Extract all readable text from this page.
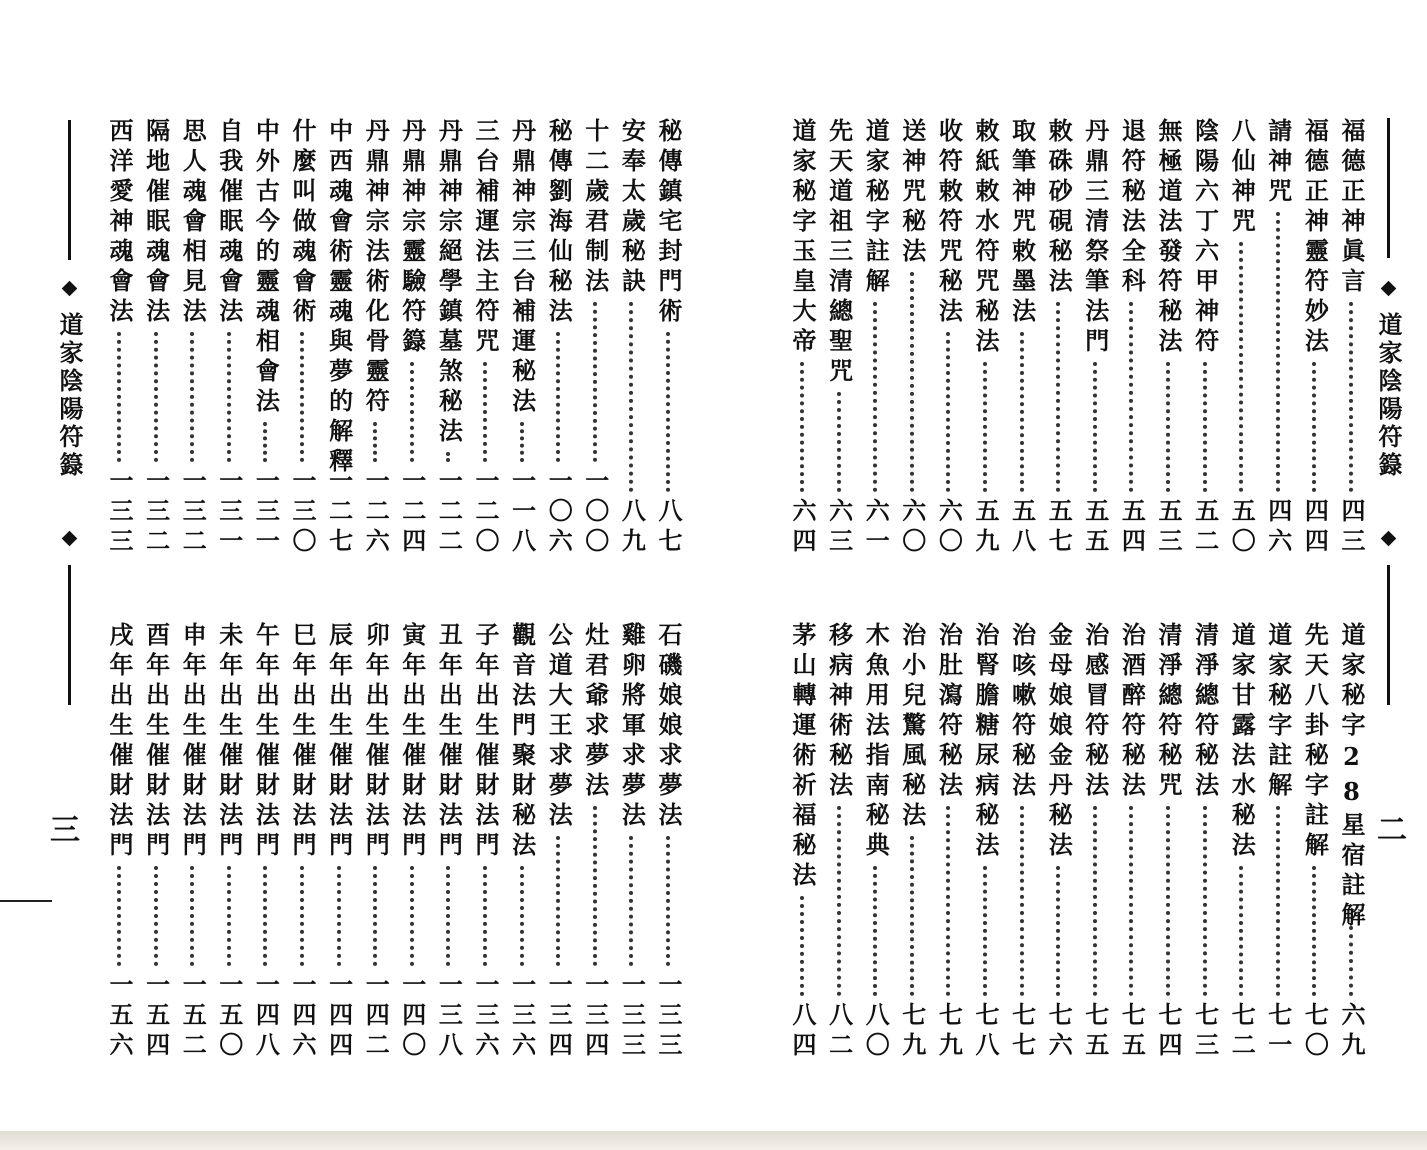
道家陰陽符籙
三
秘傳鎮宅封門術
八七
安奉太歲秘訣
八九
十二歲君制法
一〇〇
秘傳劉海仙秘法
一〇六
丹鼎神宗三台補運秘法
一一八
三台補運法主符咒
一二〇
丹鼎神宗絕學鎮墓煞秘法
一二二
丹鼎神宗靈驗符籙
一二四
丹鼎神宗法術化骨靈符
一二六
中西魂會術靈魂與夢的解釋
一二七
什麼叫做魂會術
一三〇
中外古今的靈魂相會法
一三一
自我催眠魂會法
一三一
思人魂會相見法
一三二
隔地催眠魂會法
一三二
西洋愛神魂會法
一三三
石磯娘娘求夢法
一三三
雞卵將軍求夢法
一三三
灶君爺求夢法
一三四
公道大王求夢法
一三四
觀音法門聚財秘法
一三六
子年出生催財法門
一三六
丑年出生催財法門
一三八
寅年出生催財法門
一四〇
卯年出生催財法門
一四二
辰年出生催財法門
一四四
巳年出生催財法門
一四六
午年出生催財法門
一四八
未年出生催財法門
一五〇
申年出生催財法門
一五二
酉年出生催財法門
一五四
戌年出生催財法門
一五六
道家陰陽符籙
二
福德正神眞言
四三
福德正神靈符妙法
四四
請神咒
四六
八仙神咒
五〇
陰陽六丁六甲神符
五二
無極道法發符秘法
五三
退符秘法全科
五四
丹鼎三清祭筆法門
五五
敕硃砂硯秘法
五七
取筆神咒敕墨法
五八
敕紙敕水符咒秘法
五九
收符敕符咒秘法
六〇
送神咒秘法
六〇
道家秘字註解
六一
先天道祖三清總聖咒
六三
道家秘字玉皇大帝
六四
道家秘字28星宿註解
六九
先天八卦秘字註解
七〇
道家秘字註解
七一
道家甘露法水秘法
七二
清淨總符秘法
七三
清淨總符秘咒
七四
治酒醉符秘法
七五
治感冒符秘法
七五
金母娘娘金丹秘法
七六
治咳嗽符秘法
七七
治腎膽糖尿病秘法
七八
治肚瀉符秘法
七九
治小兒驚風秘法
七九
木魚用法指南秘典
八〇
移病神術秘法
八二
茅山轉運術祈福秘法
八四
